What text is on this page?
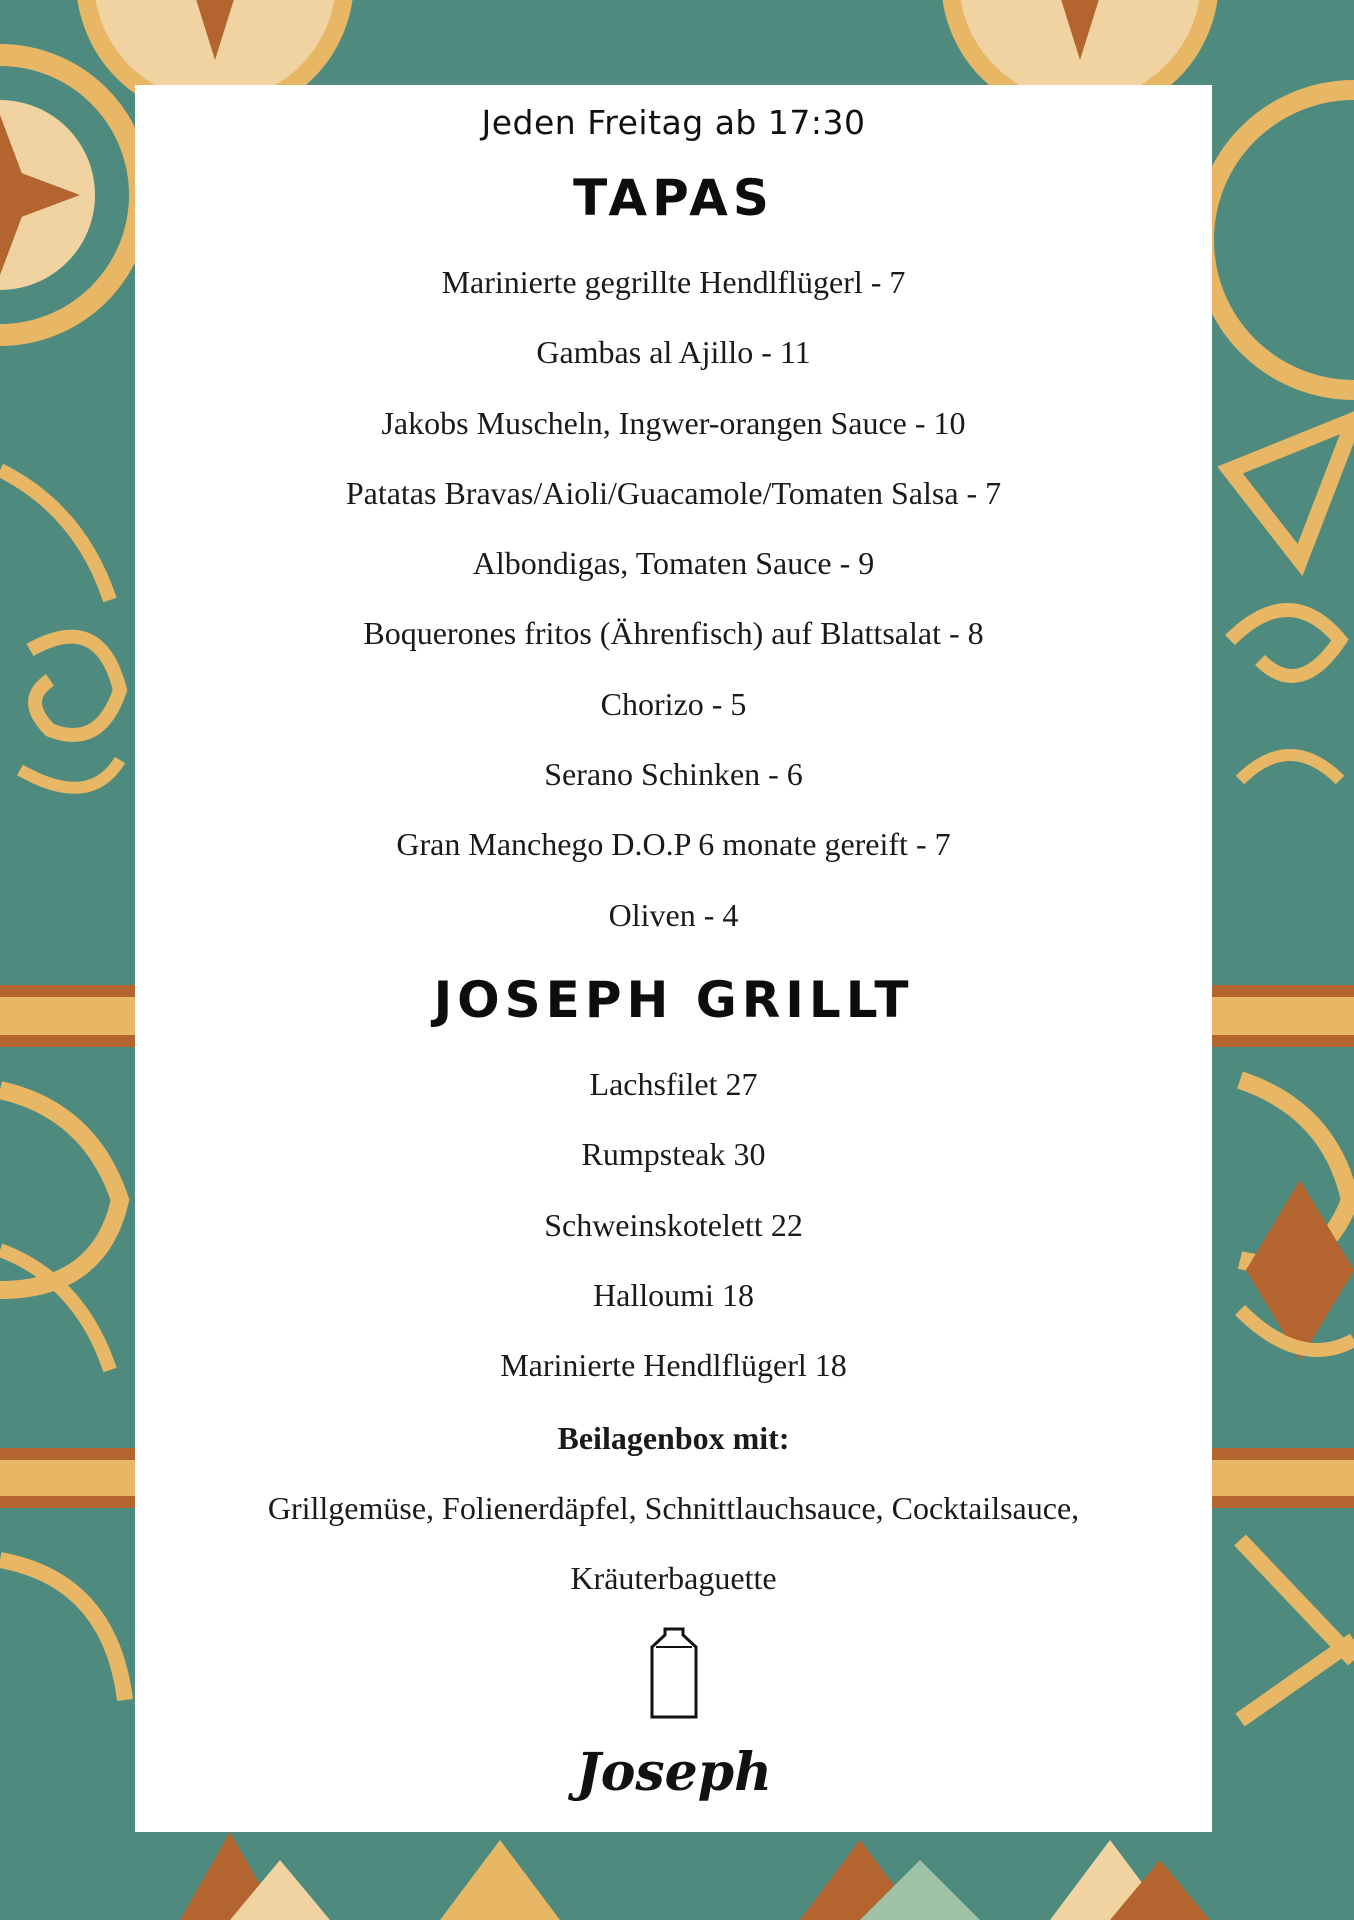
Jeden Freitag ab 17:30
TAPAS
Marinierte gegrillte Hendlflügerl - 7
Gambas al Ajillo - 11
Jakobs Muscheln, Ingwer-orangen Sauce - 10
Patatas Bravas/Aioli/Guacamole/Tomaten Salsa - 7
Albondigas, Tomaten Sauce - 9
Boquerones fritos (Ährenfisch) auf Blattsalat - 8
Chorizo - 5
Serano Schinken - 6
Gran Manchego D.O.P 6 monate gereift - 7
Oliven - 4
JOSEPH GRILLT
Lachsfilet 27
Rumpsteak 30
Schweinskotelett 22
Halloumi 18
Marinierte Hendlflügerl 18
Beilagenbox mit:
Grillgemüse, Folienerdäpfel, Schnittlauchsauce, Cocktailsauce, Kräuterbaguette
Joseph
